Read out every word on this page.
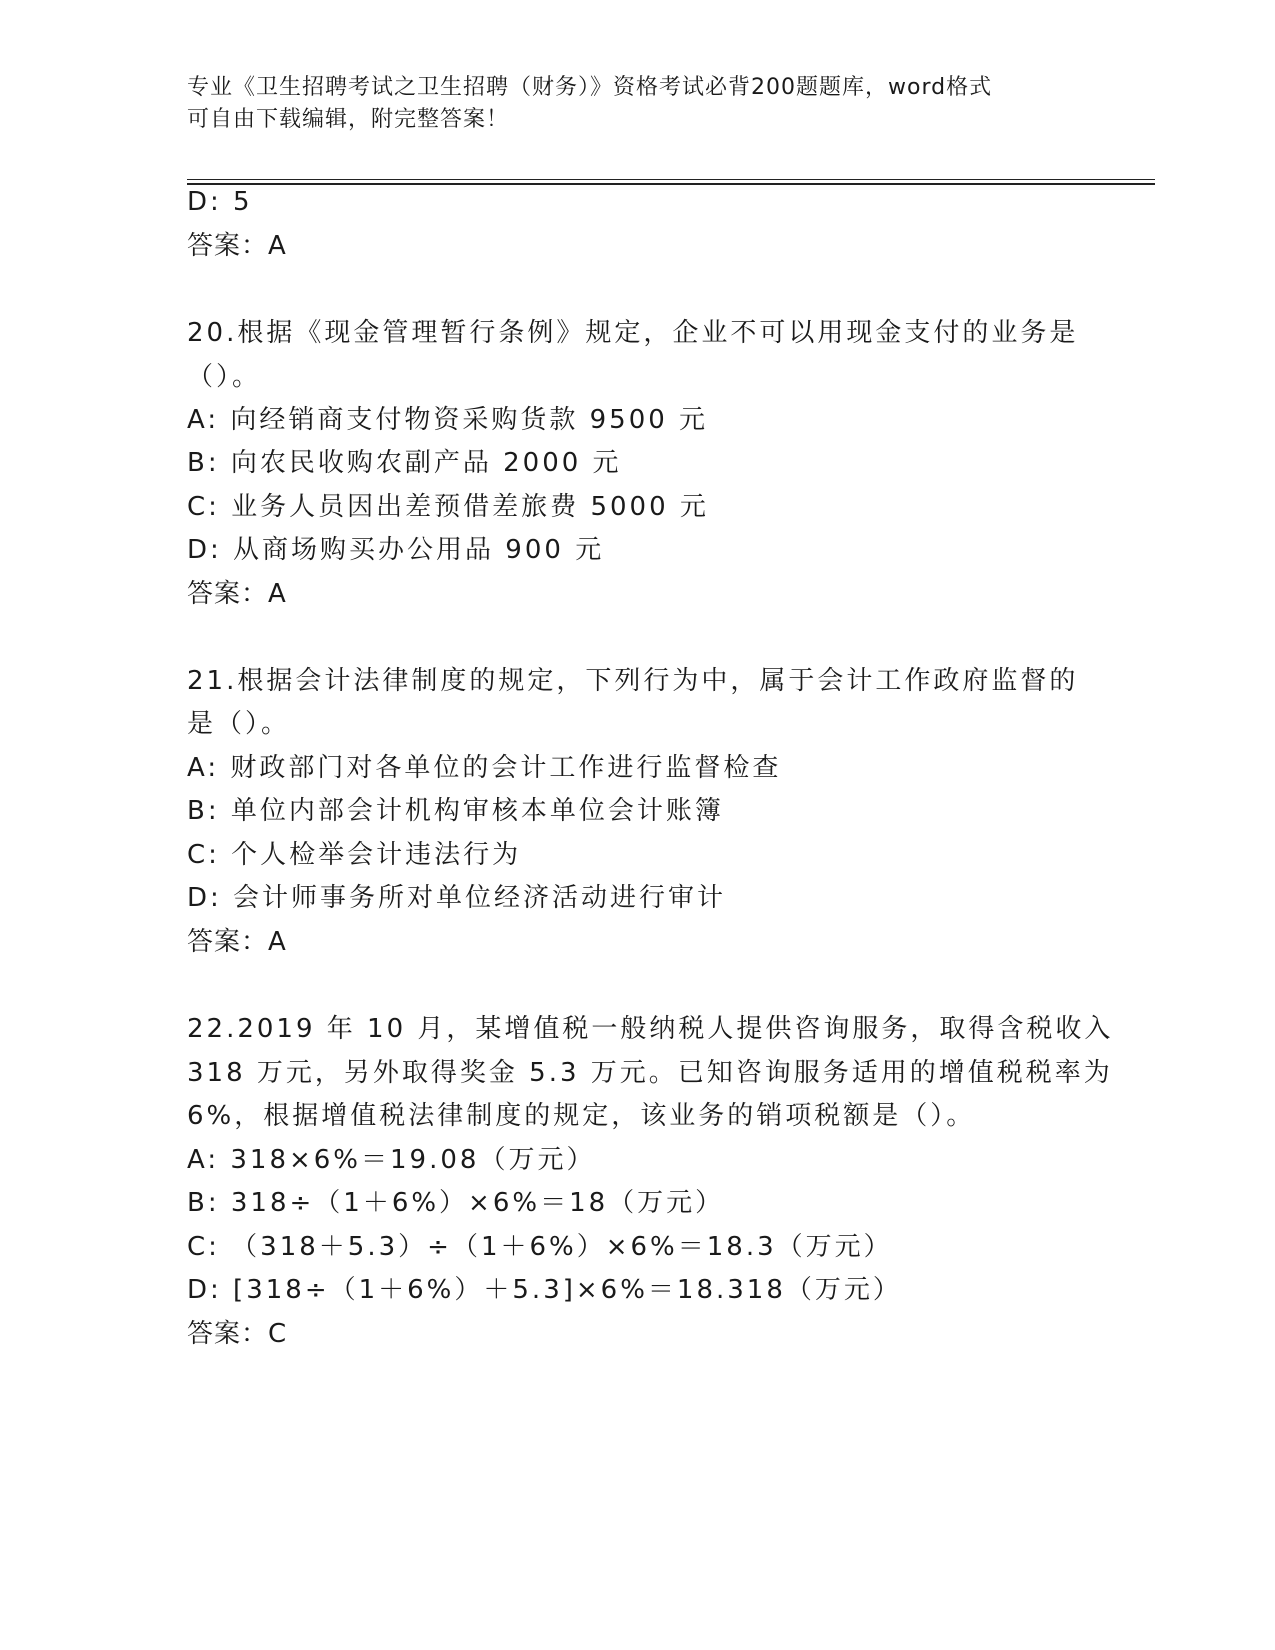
专业《卫生招聘考试之卫生招聘（财务）》资格考试必背200题题库，word格式
可自由下载编辑，附完整答案！
D: 5
答案：A
20.根据《现金管理暂行条例》规定，企业不可以用现金支付的业务是
（）。
A: 向经销商支付物资采购货款 9500 元
B: 向农民收购农副产品 2000 元
C: 业务人员因出差预借差旅费 5000 元
D: 从商场购买办公用品 900 元
答案：A
21.根据会计法律制度的规定，下列行为中，属于会计工作政府监督的
是（）。
A: 财政部门对各单位的会计工作进行监督检查
B: 单位内部会计机构审核本单位会计账簿
C: 个人检举会计违法行为
D: 会计师事务所对单位经济活动进行审计
答案：A
22.2019 年 10 月，某增值税一般纳税人提供咨询服务，取得含税收入
318 万元，另外取得奖金 5.3 万元。已知咨询服务适用的增值税税率为
6%，根据增值税法律制度的规定，该业务的销项税额是（）。
A: 318×6%＝19.08（万元）
B: 318÷（1＋6%）×6%＝18（万元）
C: （318＋5.3）÷（1＋6%）×6%＝18.3（万元）
D: [318÷（1＋6%）＋5.3]×6%＝18.318（万元）
答案：C
